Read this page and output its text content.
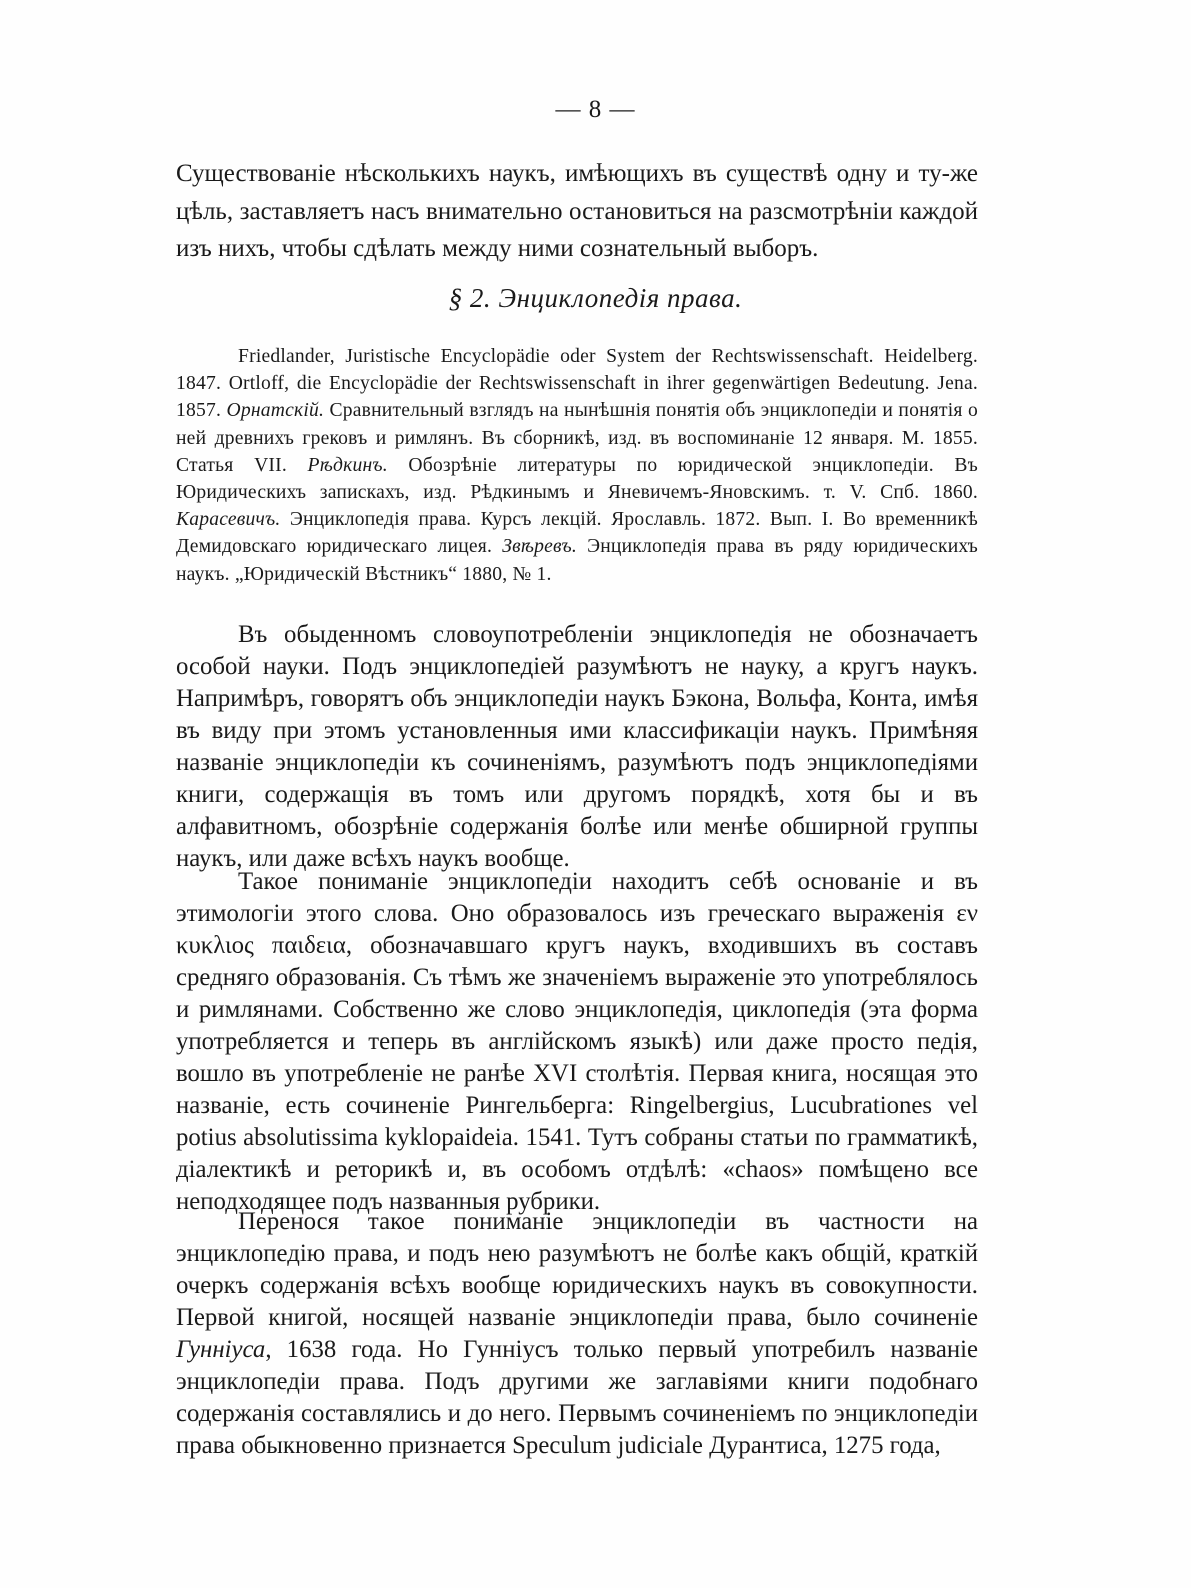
— 8 —
Существованіе нѣсколькихъ наукъ, имѣющихъ въ существѣ одну и ту-же цѣль, заставляетъ насъ внимательно остановиться на разсмотрѣніи каждой изъ нихъ, чтобы сдѣлать между ними сознательный выборъ.
§ 2. Энциклопедія права.
Friedlander, Juristische Encyclopädie oder System der Rechtswissenschaft. Heidelberg. 1847. Ortloff, die Encyclopädie der Rechtswissenschaft in ihrer gegenwärtigen Bedeutung. Jena. 1857. Орнатскій. Сравнительный взглядъ на нынѣшнія понятія объ энциклопедіи и понятія о ней древнихъ грековъ и римлянъ. Въ сборникѣ, изд. въ воспоминаніе 12 января. М. 1855. Статья VII. Рѣдкинъ. Обозрѣніе литературы по юридической энциклопедіи. Въ Юридическихъ запискахъ, изд. Рѣдкинымъ и Яневичемъ-Яновскимъ. т. V. Спб. 1860. Карасевичъ. Энциклопедія права. Курсъ лекцій. Ярославль. 1872. Вып. I. Во временникѣ Демидовскаго юридическаго лицея. Звѣревъ. Энциклопедія права въ ряду юридическихъ наукъ. „Юридическій Вѣстникъ“ 1880, № 1.
Въ обыденномъ словоупотребленіи энциклопедія не обозначаетъ особой науки. Подъ энциклопедіей разумѣютъ не науку, а кругъ наукъ. Напримѣръ, говорятъ объ энциклопедіи наукъ Бэкона, Вольфа, Конта, имѣя въ виду при этомъ установленныя ими классификаціи наукъ. Примѣняя названіе энциклопедіи къ сочиненіямъ, разумѣютъ подъ энциклопедіями книги, содержащія въ томъ или другомъ порядкѣ, хотя бы и въ алфавитномъ, обозрѣніе содержанія болѣе или менѣе обширной группы наукъ, или даже всѣхъ наукъ вообще.
Такое пониманіе энциклопедіи находитъ себѣ основаніе и въ этимологіи этого слова. Оно образовалось изъ греческаго выраженія εν κυκλιος παιδεια, обозначавшаго кругъ наукъ, входившихъ въ составъ средняго образованія. Съ тѣмъ же значеніемъ выраженіе это употреблялось и римлянами. Собственно же слово энциклопедія, циклопедія (эта форма употребляется и теперь въ англійскомъ языкѣ) или даже просто педія, вошло въ употребленіе не ранѣе XVI столѣтія. Первая книга, носящая это названіе, есть сочиненіе Рингельберга: Ringelbergius, Lucubrationes vel potius absolutissima kyklopaideia. 1541. Тутъ собраны статьи по грамматикѣ, діалектикѣ и реторикѣ и, въ особомъ отдѣлѣ: «chaos» помѣщено все неподходящее подъ названныя рубрики.
Перенося такое пониманіе энциклопедіи въ частности на энциклопедію права, и подъ нею разумѣютъ не болѣе какъ общій, краткій очеркъ содержанія всѣхъ вообще юридическихъ наукъ въ совокупности. Первой книгой, носящей названіе энциклопедіи права, было сочиненіе Гунніуса, 1638 года. Но Гунніусъ только первый употребилъ названіе энциклопедіи права. Подъ другими же заглавіями книги подобнаго содержанія составлялись и до него. Первымъ сочиненіемъ по энциклопедіи права обыкновенно признается Speculum judiciale Дурантиса, 1275 года,
